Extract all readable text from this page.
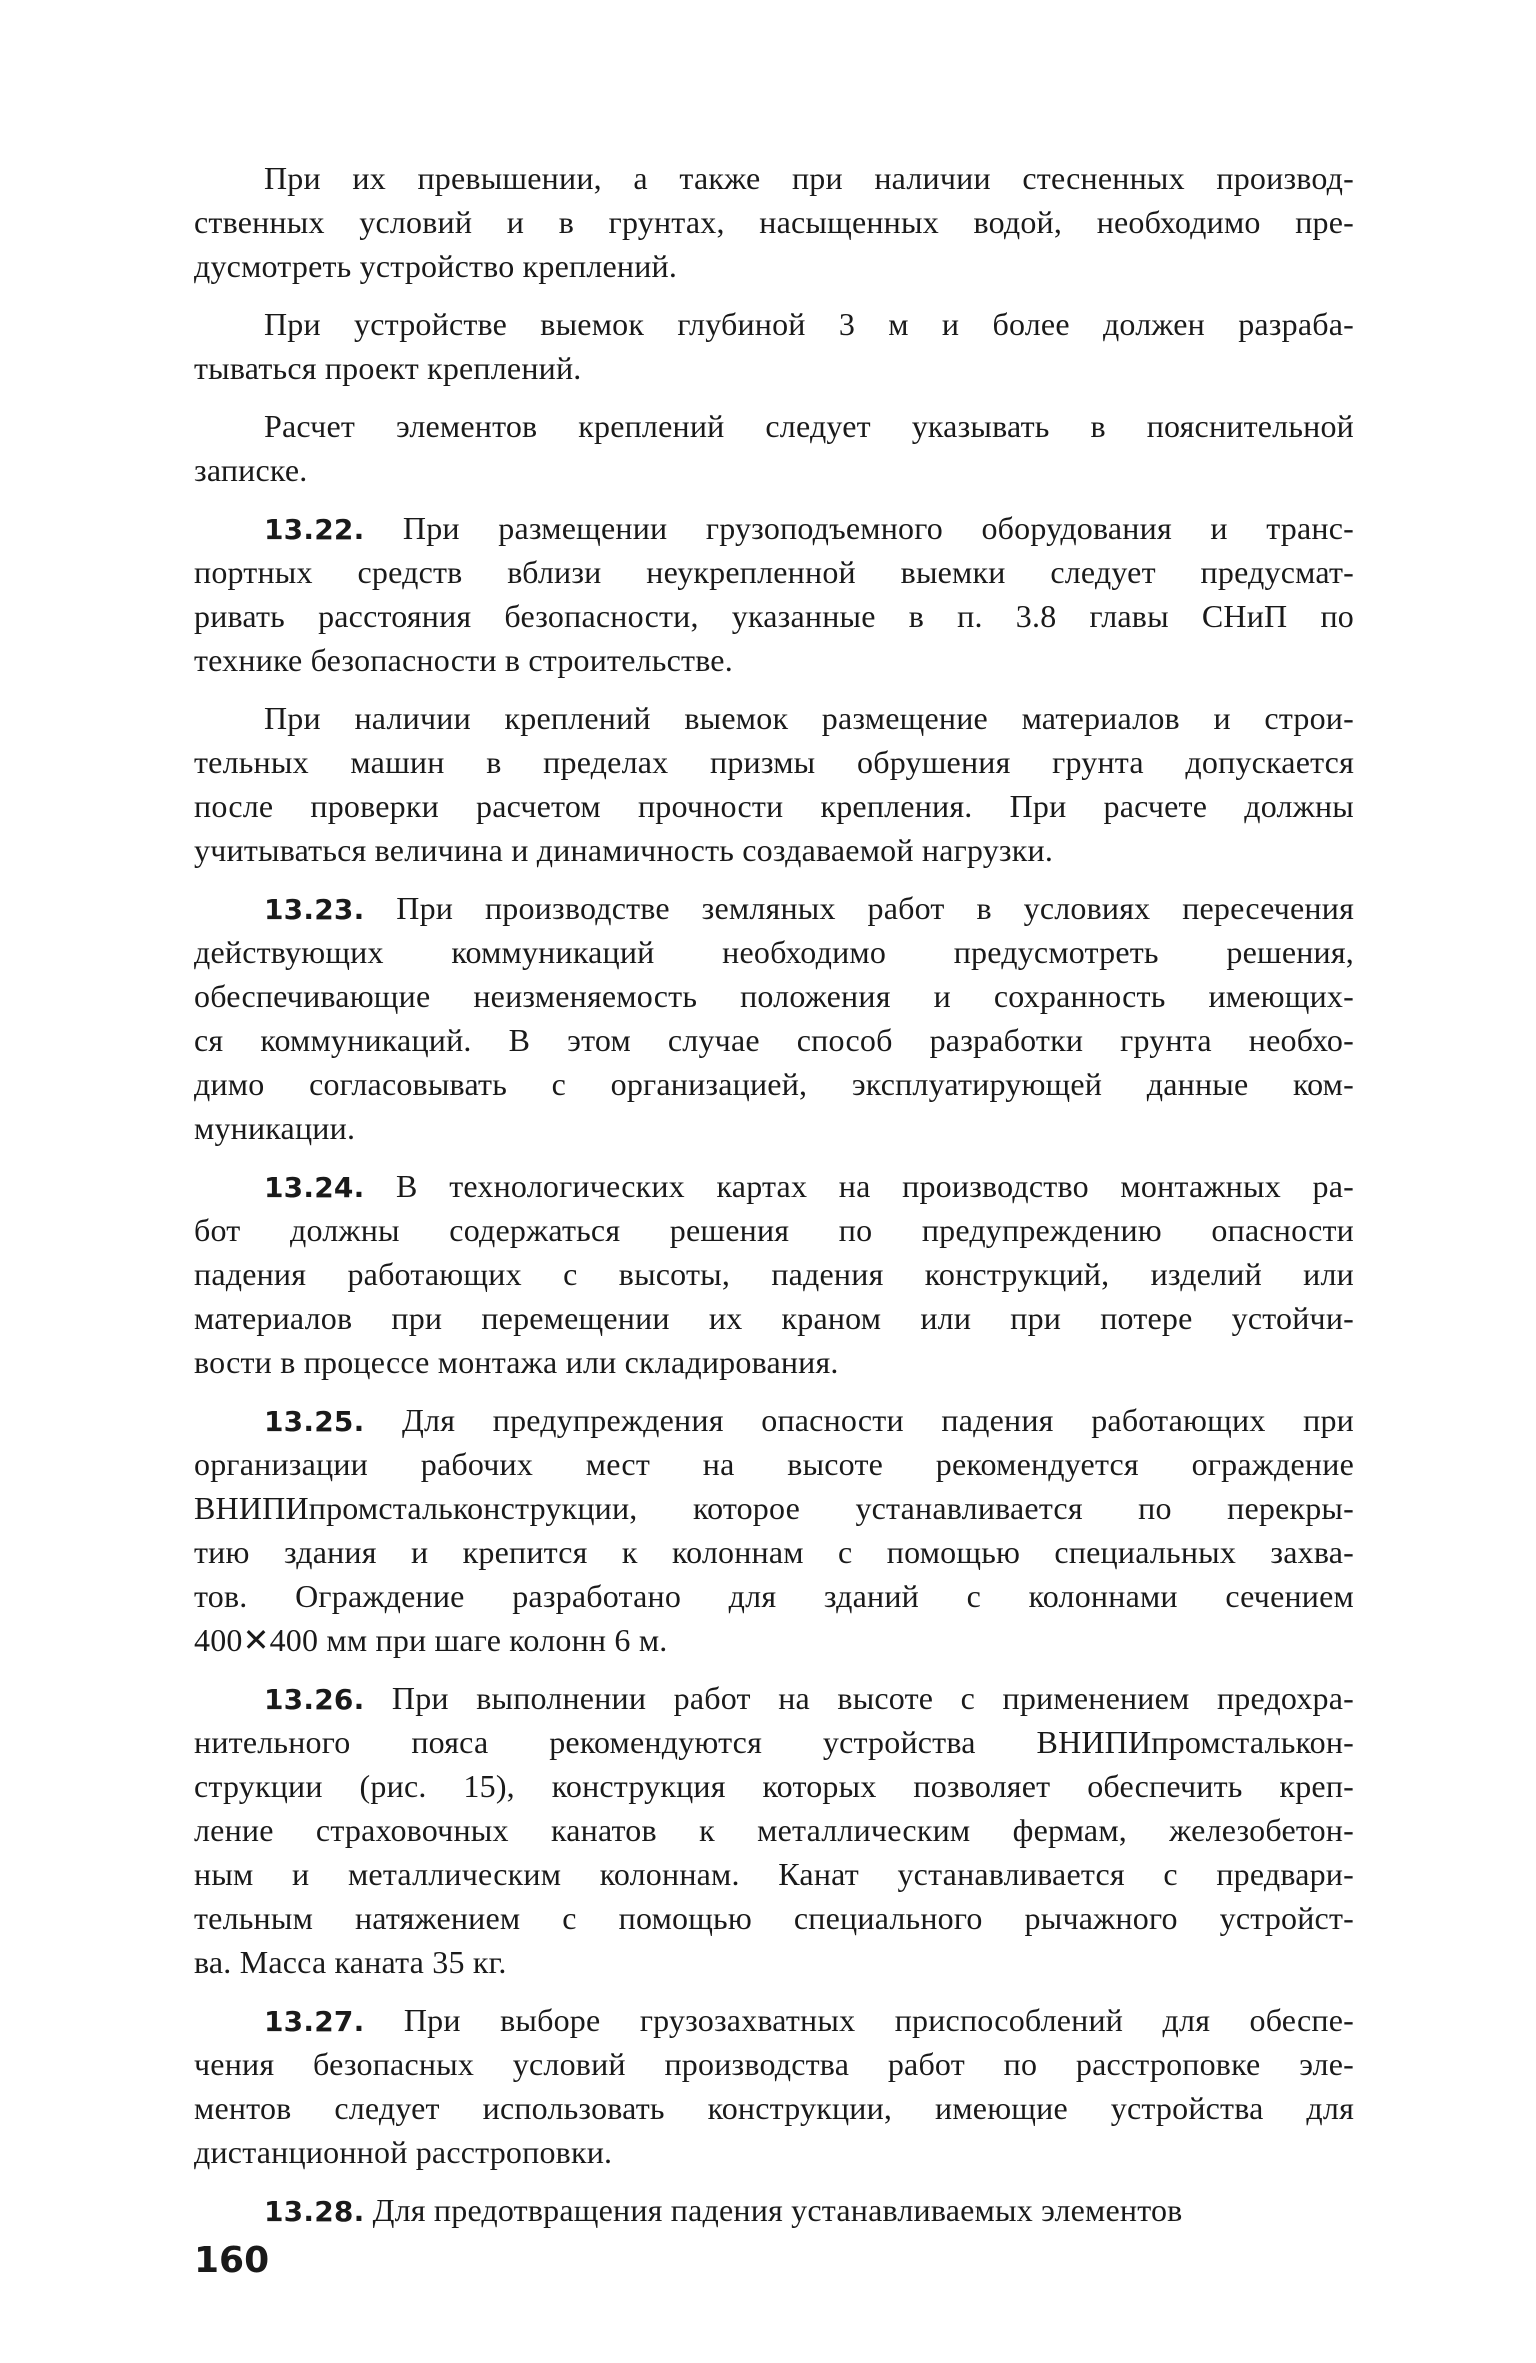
При их превышении, а также при наличии стесненных производ-
ственных условий и в грунтах, насыщенных водой, необходимо пре-
дусмотреть устройство креплений.
При устройстве выемок глубиной 3 м и более должен разраба-
тываться проект креплений.
Расчет элементов креплений следует указывать в пояснительной
записке.
13.22. При размещении грузоподъемного оборудования и транс-
портных средств вблизи неукрепленной выемки следует предусмат-
ривать расстояния безопасности, указанные в п. 3.8 главы СНиП по
технике безопасности в строительстве.
При наличии креплений выемок размещение материалов и строи-
тельных машин в пределах призмы обрушения грунта допускается
после проверки расчетом прочности крепления. При расчете должны
учитываться величина и динамичность создаваемой нагрузки.
13.23. При производстве земляных работ в условиях пересечения
действующих коммуникаций необходимо предусмотреть решения,
обеспечивающие неизменяемость положения и сохранность имеющих-
ся коммуникаций. В этом случае способ разработки грунта необхо-
димо согласовывать с организацией, эксплуатирующей данные ком-
муникации.
13.24. В технологических картах на производство монтажных ра-
бот должны содержаться решения по предупреждению опасности
падения работающих с высоты, падения конструкций, изделий или
материалов при перемещении их краном или при потере устойчи-
вости в процессе монтажа или складирования.
13.25. Для предупреждения опасности падения работающих при
организации рабочих мест на высоте рекомендуется ограждение
ВНИПИпромстальконструкции, которое устанавливается по перекры-
тию здания и крепится к колоннам с помощью специальных захва-
тов. Ограждение разработано для зданий с колоннами сечением
400✕400 мм при шаге колонн 6 м.
13.26. При выполнении работ на высоте с применением предохра-
нительного пояса рекомендуются устройства ВНИПИпромсталькон-
струкции (рис. 15), конструкция которых позволяет обеспечить креп-
ление страховочных канатов к металлическим фермам, железобетон-
ным и металлическим колоннам. Канат устанавливается с предвари-
тельным натяжением с помощью специального рычажного устройст-
ва. Масса каната 35 кг.
13.27. При выборе грузозахватных приспособлений для обеспе-
чения безопасных условий производства работ по расстроповке эле-
ментов следует использовать конструкции, имеющие устройства для
дистанционной расстроповки.
13.28. Для предотвращения падения устанавливаемых элементов
160
